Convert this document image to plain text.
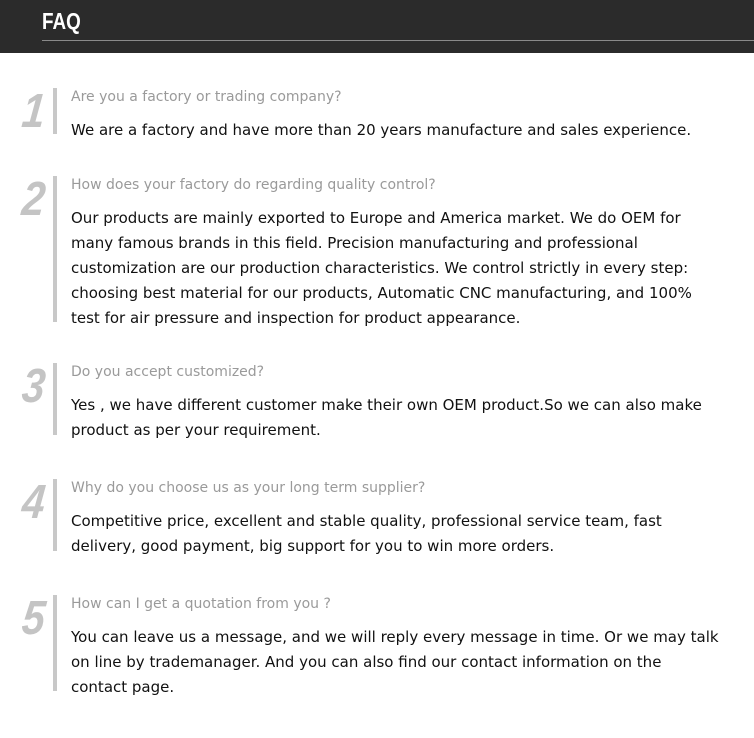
FAQ
1 Are you a factory or trading company?
We are a factory and have more than 20 years manufacture and sales experience.
2 How does your factory do regarding quality control?
Our products are mainly exported to Europe and America market. We do OEM for many famous brands in this field. Precision manufacturing and professional customization are our production characteristics. We control strictly in every step: choosing best material for our products, Automatic CNC manufacturing, and 100% test for air pressure and inspection for product appearance.
3 Do you accept customized?
Yes , we have different customer make their own OEM product.So we can also make product as per your requirement.
4 Why do you choose us as your long term supplier?
Competitive price, excellent and stable quality, professional service team, fast delivery, good payment, big support for you to win more orders.
5 How can I get a quotation from you ?
You can leave us a message, and we will reply every message in time. Or we may talk on line by trademanager. And you can also find our contact information on the contact page.
